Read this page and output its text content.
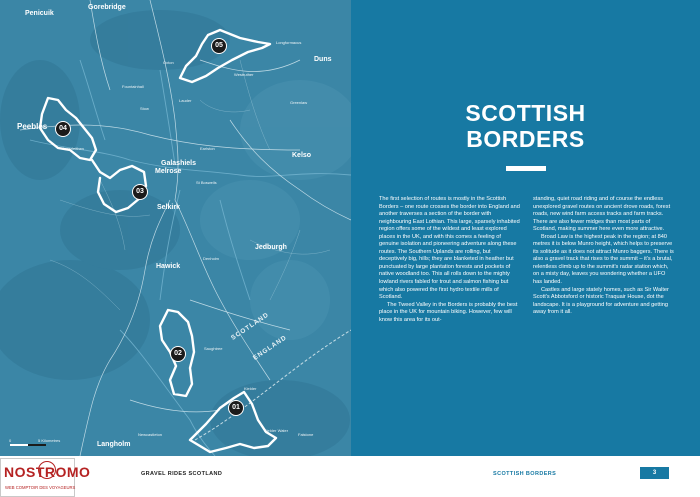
Penicuik
Gorebridge
Duns
Peebles
Galashiels
Melrose
Kelso
Selkirk
Jedburgh
Hawick
Langholm
Newcastleton
Lauder
Stow
Innerleithen	Earlston
St Boswells
Westruther
Greenlaw
Oxton
Fountainhall
Longformacus
Denholm
Saughtree
Falstone
Kielder
Kielder Water
SCOTLAND
ENGLAND
05
04
03
02
01
0	5 Kilometres
SCOTTISH
BORDERS

The first selection of routes is mostly in the Scottish Borders – one route crosses the border into England and another traverses a section of the border with neighbouring East Lothian. This large, sparsely inhabited region offers some of the wildest and least explored places in the UK, and with this comes a feeling of genuine isolation and pioneering adventure along these routes. The Southern Uplands are rolling, but deceptively big, hills; they are blanketed in heather but punctuated by large plantation forests and pockets of native woodland too. This all rolls down to the mighty lowland rivers fabled for trout and salmon fishing but which also powered the first hydro textile mills of Scotland.

The Tweed Valley in the Borders is probably the best place in the UK for mountain biking. However, few will know this area for its out-

standing, quiet road riding and of course the endless unexplored gravel routes on ancient drove roads, forest roads, new wind farm access tracks and farm tracks. There are also fewer midges than most parts of Scotland, making summer here even more attractive.

Broad Law is the highest peak in the region; at 840 metres it is below Munro height, which helps to preserve its solitude as it does not attract Munro baggers. There is also a gravel track that rises to the summit – it's a brutal, relentless climb up to the summit's radar station which, on a misty day, leaves you wondering whether a UFO has landed.

Castles and large stately homes, such as Sir Walter Scott's Abbotsford or historic Traquair House, dot the landscape. It is a playground for adventure and getting away from it all.

GRAVEL RIDES SCOTLAND	SCOTTISH BORDERS	3
NOSTROMO
WEB COMPTOIR DES VOYAGEURS
